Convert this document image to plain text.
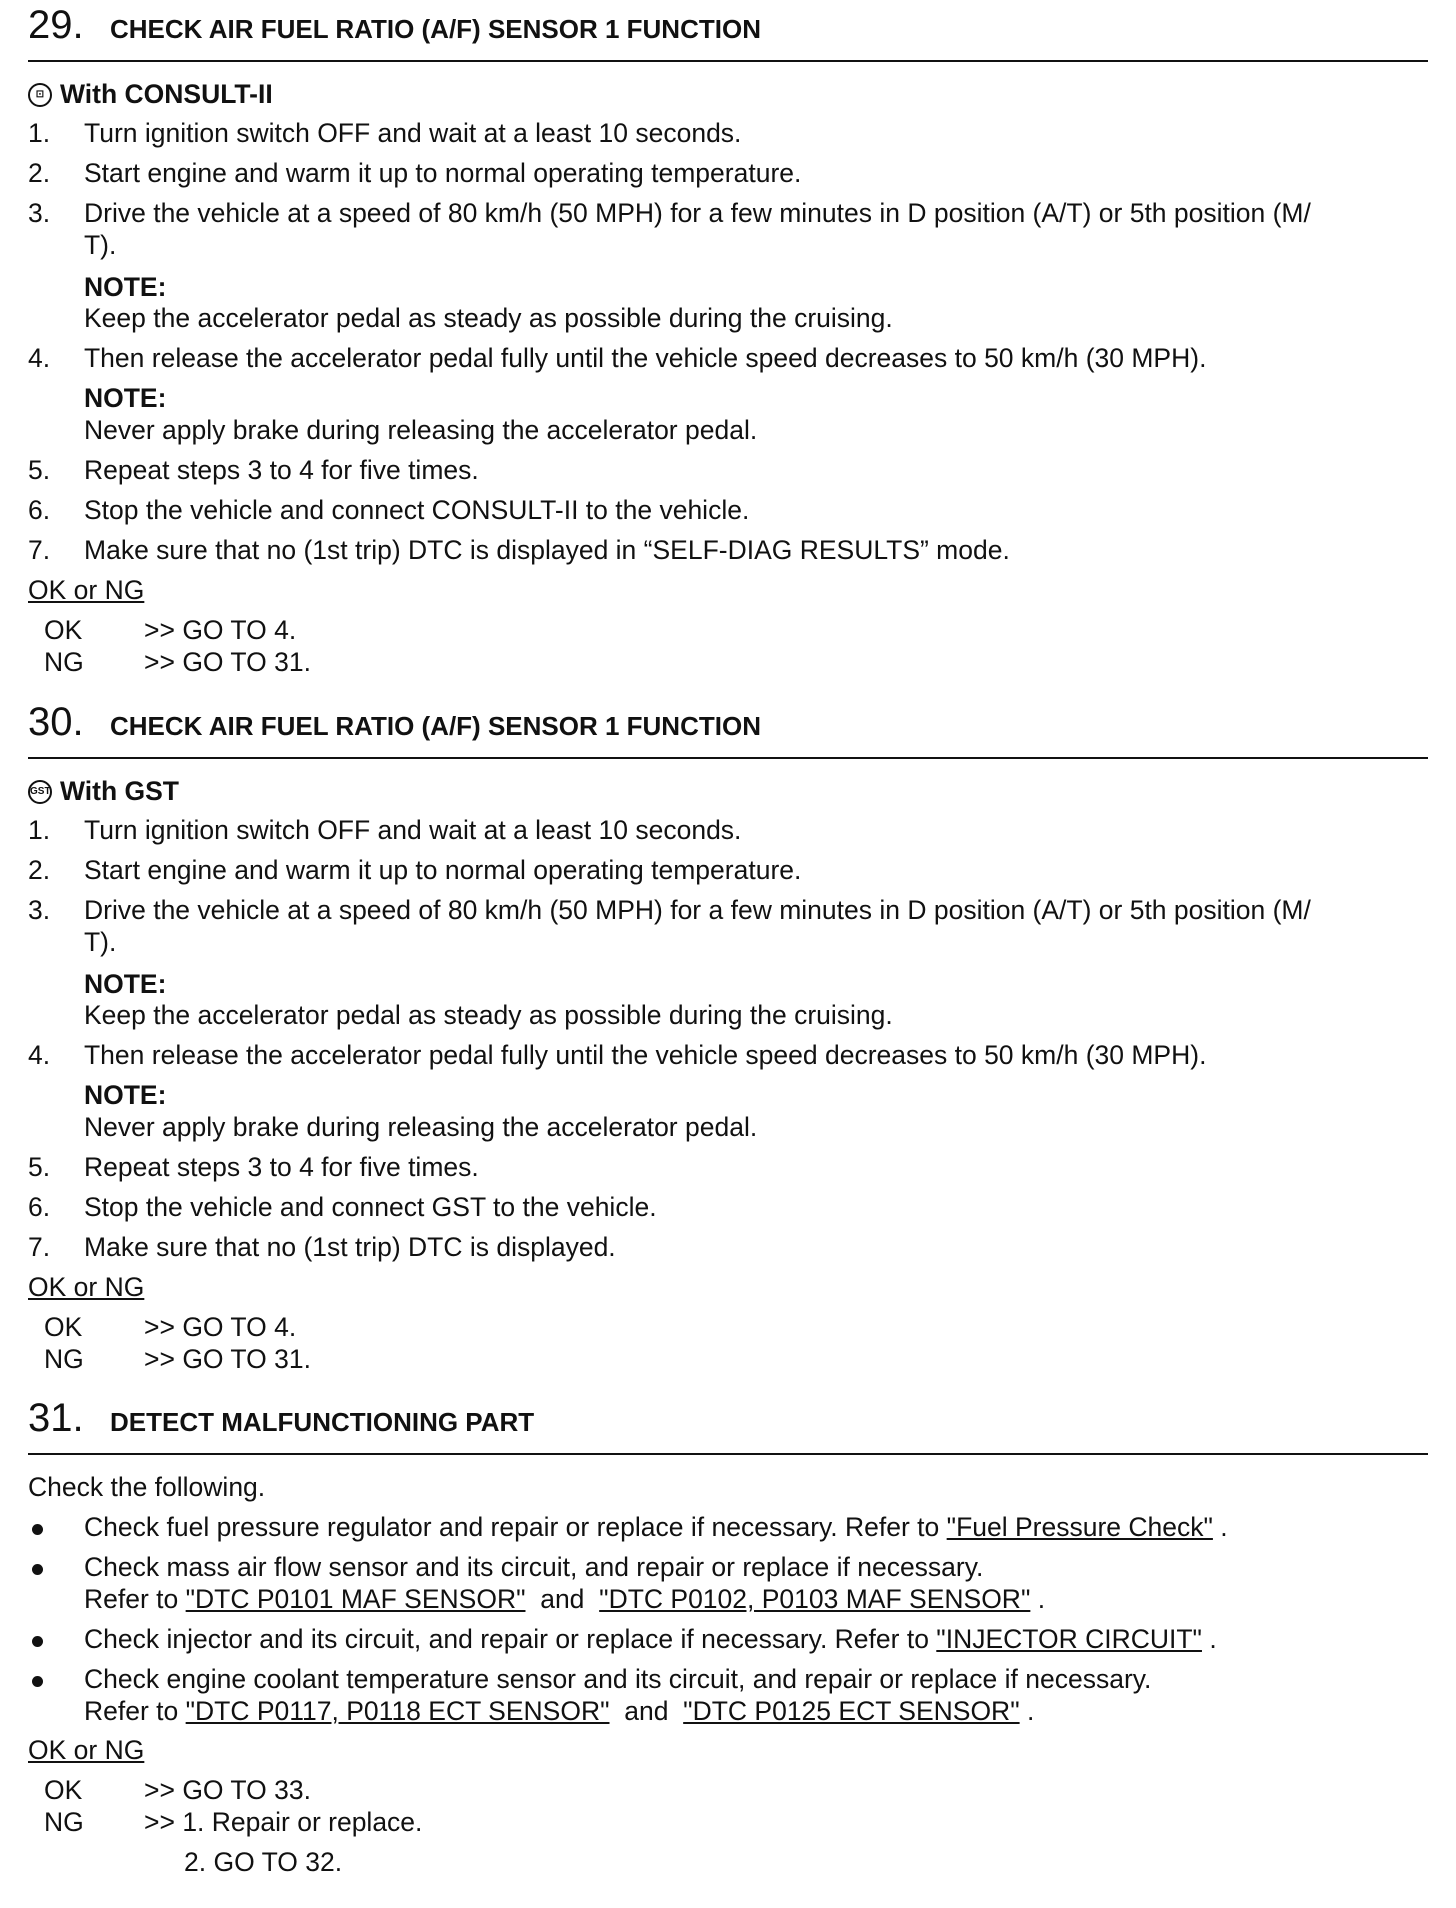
29. CHECK AIR FUEL RATIO (A/F) SENSOR 1 FUNCTION
⊡ With CONSULT-II
1. Turn ignition switch OFF and wait at a least 10 seconds.
2. Start engine and warm it up to normal operating temperature.
3. Drive the vehicle at a speed of 80 km/h (50 MPH) for a few minutes in D position (A/T) or 5th position (M/
T).
NOTE:
Keep the accelerator pedal as steady as possible during the cruising.
4. Then release the accelerator pedal fully until the vehicle speed decreases to 50 km/h (30 MPH).
NOTE:
Never apply brake during releasing the accelerator pedal.
5. Repeat steps 3 to 4 for five times.
6. Stop the vehicle and connect CONSULT-II to the vehicle.
7. Make sure that no (1st trip) DTC is displayed in “SELF-DIAG RESULTS” mode.
OK or NG
OK >> GO TO 4.
NG >> GO TO 31.
30. CHECK AIR FUEL RATIO (A/F) SENSOR 1 FUNCTION
GST With GST
1. Turn ignition switch OFF and wait at a least 10 seconds.
2. Start engine and warm it up to normal operating temperature.
3. Drive the vehicle at a speed of 80 km/h (50 MPH) for a few minutes in D position (A/T) or 5th position (M/
T).
NOTE:
Keep the accelerator pedal as steady as possible during the cruising.
4. Then release the accelerator pedal fully until the vehicle speed decreases to 50 km/h (30 MPH).
NOTE:
Never apply brake during releasing the accelerator pedal.
5. Repeat steps 3 to 4 for five times.
6. Stop the vehicle and connect GST to the vehicle.
7. Make sure that no (1st trip) DTC is displayed.
OK or NG
OK >> GO TO 4.
NG >> GO TO 31.
31. DETECT MALFUNCTIONING PART
Check the following.
Check fuel pressure regulator and repair or replace if necessary. Refer to "Fuel Pressure Check" .
Check mass air flow sensor and its circuit, and repair or replace if necessary.
Refer to "DTC P0101 MAF SENSOR"  and  "DTC P0102, P0103 MAF SENSOR" .
Check injector and its circuit, and repair or replace if necessary. Refer to "INJECTOR CIRCUIT" .
Check engine coolant temperature sensor and its circuit, and repair or replace if necessary.
Refer to "DTC P0117, P0118 ECT SENSOR"  and  "DTC P0125 ECT SENSOR" .
OK or NG
OK >> GO TO 33.
NG >> 1. Repair or replace.
2. GO TO 32.
